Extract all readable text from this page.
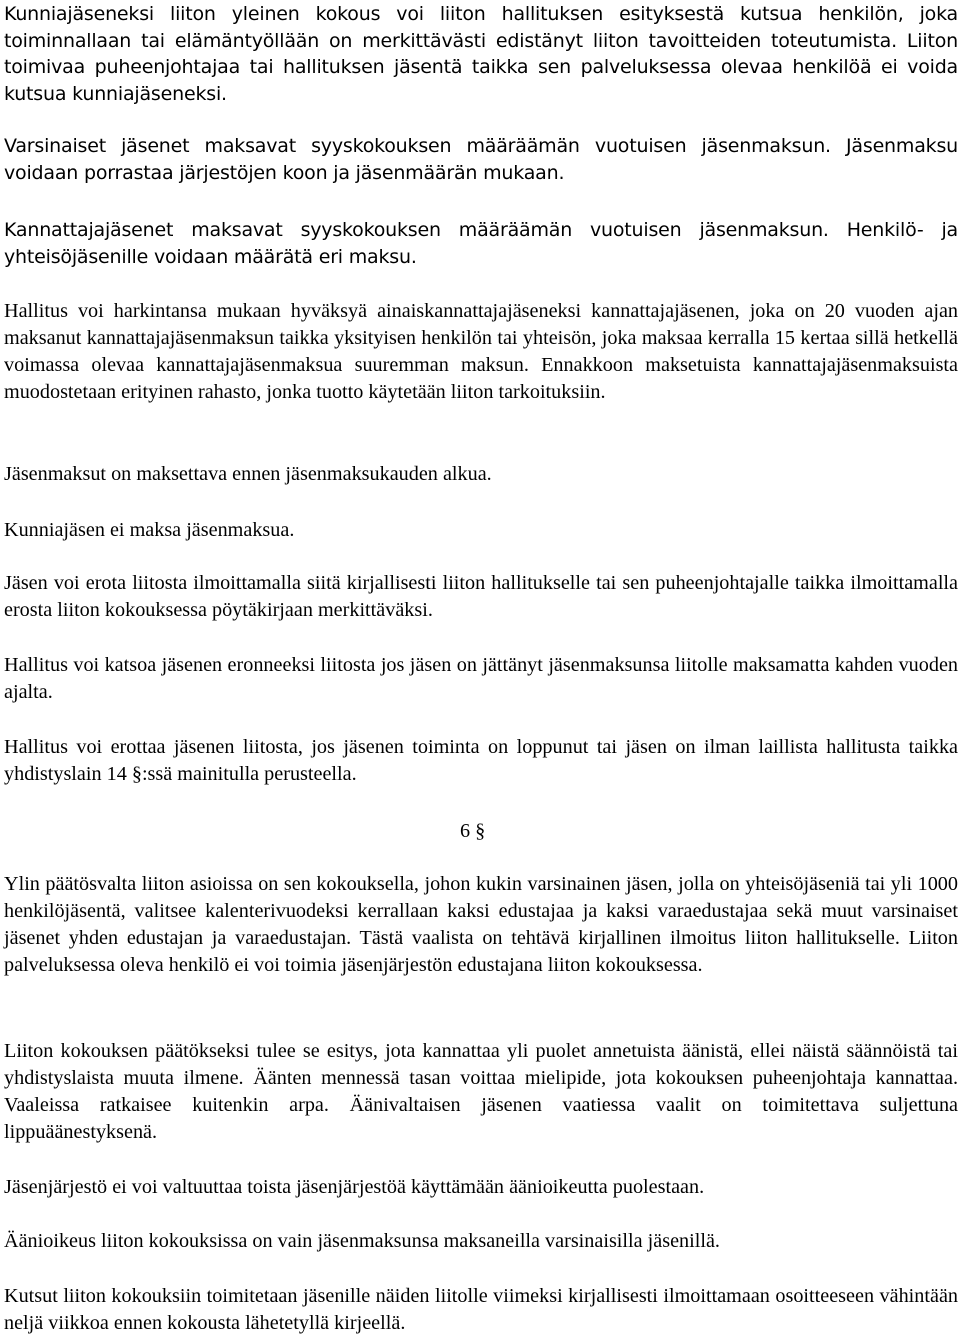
Kunniajäseneksi liiton yleinen kokous voi liiton hallituksen esityksestä kutsua henkilön, joka toiminnallaan tai elämäntyöllään on merkittävästi edistänyt liiton tavoitteiden toteutumista. Liiton toimivaa puheenjohtajaa tai hallituksen jäsentä taikka sen palveluksessa olevaa henkilöä ei voida kutsua kunniajäseneksi.

Varsinaiset jäsenet maksavat syyskokouksen määräämän vuotuisen jäsenmaksun. Jäsenmaksu voidaan porrastaa järjestöjen koon ja jäsenmäärän mukaan.

Kannattajajäsenet maksavat syyskokouksen määräämän vuotuisen jäsenmaksun. Henkilö- ja yhteisöjäsenille voidaan määrätä eri maksu.

Hallitus voi harkintansa mukaan hyväksyä ainaiskannattajajäseneksi kannattajajäsenen, joka on 20 vuoden ajan maksanut kannattajajäsenmaksun taikka yksityisen henkilön tai yhteisön, joka maksaa kerralla 15 kertaa sillä hetkellä voimassa olevaa kannattajajäsenmaksua suuremman maksun. Ennakkoon maksetuista kannattajajäsenmaksuista muodostetaan erityinen rahasto, jonka tuotto käytetään liiton tarkoituksiin.

Jäsenmaksut on maksettava ennen jäsenmaksukauden alkua.

Kunniajäsen ei maksa jäsenmaksua.

Jäsen voi erota liitosta ilmoittamalla siitä kirjallisesti liiton hallitukselle tai sen puheenjohtajalle taikka ilmoittamalla erosta liiton kokouksessa pöytäkirjaan merkittäväksi.

Hallitus voi katsoa jäsenen eronneeksi liitosta jos jäsen on jättänyt jäsenmaksunsa liitolle maksamatta kahden vuoden ajalta.

Hallitus voi erottaa jäsenen liitosta, jos jäsenen toiminta on loppunut tai jäsen on ilman laillista hallitusta taikka yhdistyslain 14 §:ssä mainitulla perusteella.

6 §

Ylin päätösvalta liiton asioissa on sen kokouksella, johon kukin varsinainen jäsen, jolla on yhteisöjäseniä tai yli 1000 henkilöjäsentä, valitsee kalenterivuodeksi kerrallaan kaksi edustajaa ja kaksi varaedustajaa sekä muut varsinaiset jäsenet yhden edustajan ja varaedustajan. Tästä vaalista on tehtävä kirjallinen ilmoitus liiton hallitukselle. Liiton palveluksessa oleva henkilö ei voi toimia jäsenjärjestön edustajana liiton kokouksessa.

Liiton kokouksen päätökseksi tulee se esitys, jota kannattaa yli puolet annetuista äänistä, ellei näistä säännöistä tai yhdistyslaista muuta ilmene. Äänten mennessä tasan voittaa mielipide, jota kokouksen puheenjohtaja kannattaa. Vaaleissa ratkaisee kuitenkin arpa. Äänivaltaisen jäsenen vaatiessa vaalit on toimitettava suljettuna lippuäänestyksenä.

Jäsenjärjestö ei voi valtuuttaa toista jäsenjärjestöä käyttämään äänioikeutta puolestaan.

Äänioikeus liiton kokouksissa on vain jäsenmaksunsa maksaneilla varsinaisilla jäsenillä.

Kutsut liiton kokouksiin toimitetaan jäsenille näiden liitolle viimeksi kirjallisesti ilmoittamaan osoitteeseen vähintään neljä viikkoa ennen kokousta lähetetyllä kirjeellä.
